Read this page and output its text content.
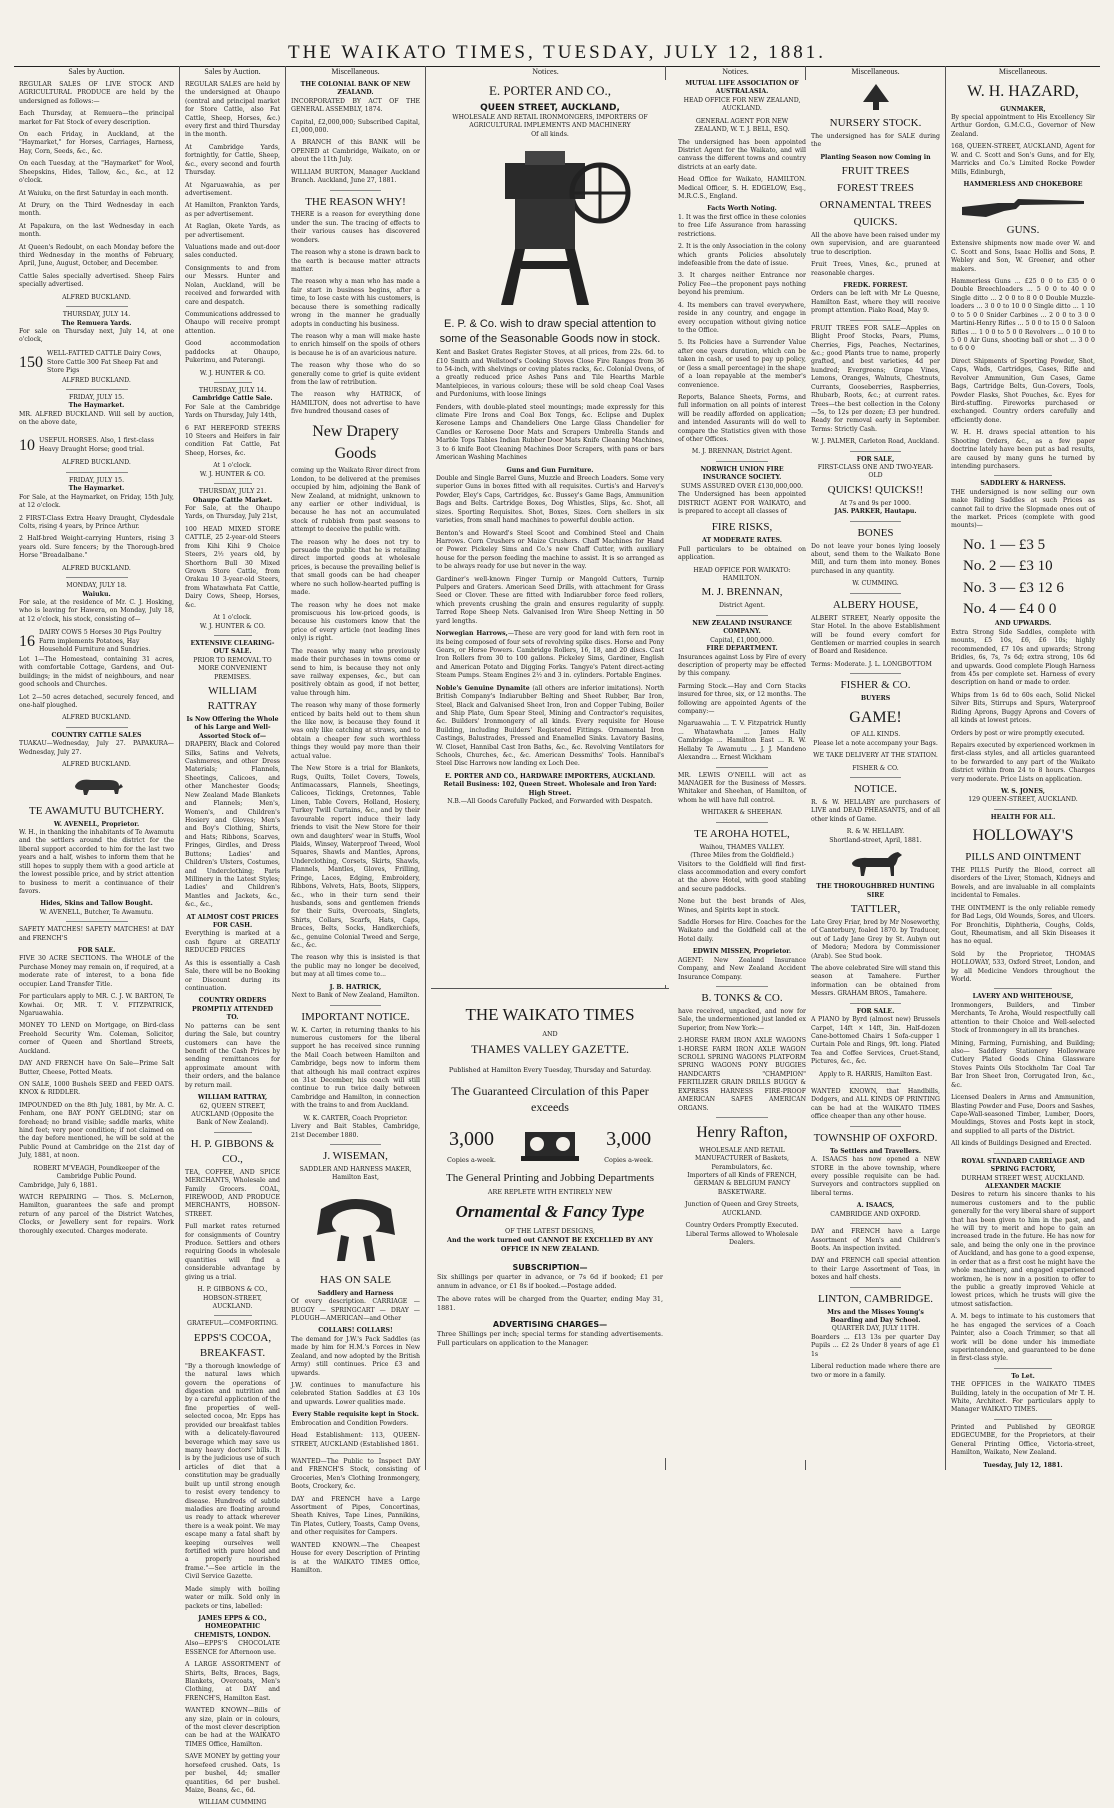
THE WAIKATO TIMES, TUESDAY, JULY 12, 1881.
Sales by Auction.

REGULAR SALES OF LIVE STOCK AND AGRICULTURAL PRODUCE are held by the undersigned as follows:—

Each Thursday, at Remuera—the principal market for Fat Stock of every description.

On each Friday, in Auckland, at the "Haymarket," for Horses, Carriages, Harness, Hay, Corn, Seeds, &c., &c.

On each Tuesday, at the "Haymarket" for Wool, Sheepskins, Hides, Tallow, &c., &c., at 12 o'clock.

At Waiuku, on the first Saturday in each month.

At Drury, on the Third Wednesday in each month.

At Papakura, on the last Wednesday in each month.

At Queen's Redoubt, on each Monday before the third Wednesday in the months of February, April, June, August, October, and December.

Cattle Sales specially advertised. Sheep Fairs specially advertised.

ALFRED BUCKLAND.
THURSDAY, JULY 14.
The Remuera Yards.

For sale on Thursday next, July 14, at one o'clock,

150
WELL-FATTED CATTLE Dairy Cows, Store Cattle 300 Fat Sheep Fat and Store Pigs
ALFRED BUCKLAND.
FRIDAY, JULY 15.
The Haymarket.

MR. ALFRED BUCKLAND. Will sell by auction, on the above date,

10 USEFUL HORSES. Also, 1 first-class Heavy Draught Horse; good trial.
ALFRED BUCKLAND.
FRIDAY, JULY 15.
The Haymarket.

For Sale, at the Haymarket, on Friday, 15th July, at 12 o'clock.

2 FIRST-Class Extra Heavy Draught, Clydesdale Colts, rising 4 years, by Prince Arthur.

2 Half-bred Weight-carrying Hunters, rising 3 years old. Sure fencers; by the Thorough-bred Horse "Breadalbane."

ALFRED BUCKLAND.
MONDAY, JULY 18.
Waiuku.

For sale, at the residence of Mr. C. J. Hosking, who is leaving for Hawera, on Monday, July 18, at 12 o'clock, his stock, consisting of—

16
DAIRY COWS 5 Horses 30 Pigs Poultry Farm implements Potatoes, Hay Household Furniture and Sundries.

Lot 1—The Homestead, containing 31 acres, with comfortable Cottage, Gardens, and Out-buildings; in the midst of neighbours, and near good schools and Churches.

Lot 2—50 acres detached, securely fenced, and one-half ploughed.

ALFRED BUCKLAND.
COUNTRY CATTLE SALES

TUAKAU—Wednesday, July 27. PAPAKURA—Wednesday, July 27.

ALFRED BUCKLAND.
TE AWAMUTU BUTCHERY.
W. AVENELL, Proprietor.

W. H., in thanking the inhabitants of Te Awamutu and the settlers around the district for the liberal support accorded to him for the last two years and a half, wishes to inform them that he still hopes to supply them with a good article at the lowest possible price, and by strict attention to business to merit a continuance of their favors.

Hides, Skins and Tallow Bought.
W. AVENELL, Butcher, Te Awamutu.

SAFETY MATCHES! SAFETY MATCHES! at DAY and FRENCH'S

FOR SALE.

FIVE 30 ACRE SECTIONS. The WHOLE of the Purchase Money may remain on, if required, at a moderate rate of interest, to a bona fide occupier. Land Transfer Title.

For particulars apply to MR. C. J. W. BARTON, Te Kowhai. Or, MR. T. V. FITZPATRICK, Ngaruawahia.

MONEY TO LEND on Mortgage, on Bird-class Freehold Security Wm. Coleman, Solicitor, corner of Queen and Shortland Streets, Auckland.

DAY AND FRENCH have On Sale—Prime Salt Butter, Cheese, Potted Meats.

ON SALE, 1000 Bushels SEED and FEED OATS. KNOX & RIDDLER.

IMPOUNDED on the 8th July, 1881, by Mr. A. C. Fenham, one BAY PONY GELDING; star on forehead; no brand visible; saddle marks, white hind feet; very poor condition; if not claimed on the day before mentioned, he will be sold at the Public Pound at Cambridge on the 21st day of July, 1881, at noon.

ROBERT M'VEAGH, Poundkeeper of the Cambridge Public Pound.

Cambridge, July 6, 1881.

WATCH REPAIRING — Thos. S. McLernon, Hamilton, guarantees the safe and prompt return of any parcel of the District Watches, Clocks, or Jewellery sent for repairs. Work thoroughly executed. Charges moderate.

Sales by Auction.

REGULAR SALES are held by the undersigned at Ohaupo (central and principal market for Store Cattle, also Fat Cattle, Sheep, Horses, &c.) every first and third Thursday in the month.

At Cambridge Yards, fortnightly, for Cattle, Sheep, &c., every second and fourth Thursday.

At Ngaruawahia, as per advertisement.

At Hamilton, Frankton Yards, as per advertisement.

At Raglan, Okete Yards, as per advertisement.

Valuations made and out-door sales conducted.

Consignments to and from our Messrs. Hunter and Nolan, Auckland, will be received and forwarded with care and despatch.

Communications addressed to Ohaupo will receive prompt attention.

Good accommodation paddocks at Ohaupo, Pukerimu, and Paterangi.

W. J. HUNTER & CO.
THURSDAY, JULY 14.
Cambridge Cattle Sale.

For Sale at the Cambridge Yards on Thursday, July 14th,

6 FAT HEREFORD STEERS 10 Steers and Heifers in fair condition Fat Cattle, Fat Sheep, Horses, &c.

At 1 o'clock.
W. J. HUNTER & CO.
THURSDAY, JULY 21.
Ohaupo Cattle Market.

For Sale, at the Ohaupo Yards, on Thursday, July 21st,

100 HEAD MIXED STORE CATTLE, 25 2-year-old Steers from Kihi Kihi 9 Choice Steers, 2½ years old, by Shorthorn Bull 30 Mixed Grown Store Cattle, from Orakau 10 3-year-old Steers, from Whatawhata Fat Cattle, Dairy Cows, Sheep, Horses, &c.

At 1 o'clock.
W. J. HUNTER & CO.
EXTENSIVE CLEARING-OUT SALE.
PRIOR TO REMOVAL TO MORE CONVENIENT PREMISES.
WILLIAM RATTRAY
Is Now Offering the Whole of his Large and Well-Assorted Stock of—

DRAPERY, Black and Colored Silks, Satins and Velvets, Cashmeres, and other Dress Materials; Flannels, Sheetings, Calicoes, and other Manchester Goods; New Zealand Made Blankets and Flannels; Men's, Women's, and Children's Hosiery and Gloves; Men's and Boy's Clothing, Shirts, and Hats; Ribbons, Scarves, Fringes, Girdles, and Dress Buttons; Ladies' and Children's Ulsters, Costumes, and Underclothing; Paris Millinery in the Latest Styles; Ladies' and Children's Mantles and Jackets, &c., &c., &c.,

AT ALMOST COST PRICES FOR CASH.

Everything is marked at a cash figure at GREATLY REDUCED PRICES

As this is essentially a Cash Sale, there will be no Booking or Discount during its continuation.

COUNTRY ORDERS PROMPTLY ATTENDED TO.

No patterns can be sent during the Sale, but country customers can have the benefit of the Cash Prices by sending remittances for approximate amount with their orders, and the balance by return mail.

WILLIAM RATTRAY,
62, QUEEN STREET, AUCKLAND (Opposite the Bank of New Zealand).
H. P. GIBBONS & CO.,

TEA, COFFEE, AND SPICE MERCHANTS, Wholesale and Family Grocers. COAL, FIREWOOD, AND PRODUCE MERCHANTS, HOBSON-STREET.

Full market rates returned for consignments of Country Produce. Settlers and others requiring Goods in wholesale quantities will find a considerable advantage by giving us a trial.

H. P. GIBBONS & CO., HOBSON-STREET, AUCKLAND.
GRATEFUL—COMFORTING.
EPPS'S COCOA, BREAKFAST.

"By a thorough knowledge of the natural laws which govern the operations of digestion and nutrition and by a careful application of the fine properties of well-selected cocoa, Mr. Epps has provided our breakfast tables with a delicately-flavoured beverage which may save us many heavy doctors' bills. It is by the judicious use of such articles of diet that a constitution may be gradually built up until strong enough to resist every tendency to disease. Hundreds of subtle maladies are floating around us ready to attack wherever there is a weak point. We may escape many a fatal shaft by keeping ourselves well fortified with pure blood and a properly nourished frame."—See article in the Civil Service Gazette.

Made simply with boiling water or milk. Sold only in packets or tins, labelled:

JAMES EPPS & CO., HOMEOPATHIC CHEMISTS, LONDON.

Also—EPPS'S CHOCOLATE ESSENCE for Afternoon use.

A LARGE ASSORTMENT of Shirts, Belts, Braces, Bags, Blankets, Overcoats, Men's Clothing, at DAY and FRENCH'S, Hamilton East.

WANTED KNOWN—Bills of any size, plain or in colours, of the most clever description can be had at the WAIKATO TIMES Office, Hamilton.

SAVE MONEY by getting your horsefeed crushed. Oats, 1s per bushel, 4d; smaller quantities, 6d per bushel. Maize, Beans, &c., 6d.

WILLIAM CUMMING
Miscellaneous.
THE COLONIAL BANK OF NEW ZEALAND.

INCORPORATED BY ACT OF THE GENERAL ASSEMBLY, 1874.

Capital, £2,000,000; Subscribed Capital, £1,000,000.

A BRANCH of this BANK will be OPENED at Cambridge, Waikato, on or about the 11th July.

WILLIAM BURTON, Manager Auckland Branch. Auckland, June 27, 1881.

THE REASON WHY!

THERE is a reason for everything done under the sun. The tracing of effects to their various causes has discovered wonders.

The reason why a stone is drawn back to the earth is because matter attracts matter.

The reason why a man who has made a fair start in business begins, after a time, to lose caste with his customers, is because there is something radically wrong in the manner he gradually adopts in conducting his business.

The reason why a man will make haste to enrich himself on the spoils of others is because he is of an avaricious nature.

The reason why those who do so generally come to grief is quite evident from the law of retribution.

The reason why HATRICK, of HAMILTON, does not advertise to have five hundred thousand cases of

New Drapery Goods

coming up the Waikato River direct from London, to be delivered at the premises occupied by him, adjoining the Bank of New Zealand, at midnight, unknown to any earlier or other individual, is because he has not an accumulated stock of rubbish from past seasons to attempt to deceive the public with.

The reason why he does not try to persuade the public that he is retailing direct imported goods at wholesale prices, is because the prevailing belief is that small goods can be had cheaper where no such hollow-hearted puffing is made.

The reason why he does not make promiscuous his low-priced goods, is because his customers know that the price of every article (not leading lines only) is right.

The reason why many who previously made their purchases in towns come or send to him, is because they not only save railway expenses, &c., but can positively obtain as good, if not better, value through him.

The reason why many of those formerly enticed by baits held out to them shun the like now, is because they found it was only like catching at straws, and to obtain a cheaper few such worthless things they would pay more than their actual value.

The New Store is a trial for Blankets, Rugs, Quilts, Toilet Covers, Towels, Antimacassars, Flannels, Sheetings, Calicoes, Tickings, Cretonnes, Table Linen, Table Covers, Holland, Hosiery, Turkey Twill Curtains, &c., and by their favourable report induce their lady friends to visit the New Store for their own and daughters' wear in Stuffs, Wool Plaids, Winsey, Waterproof Tweed, Wool Squares, Shawls and Mantles, Aprons, Underclothing, Corsets, Skirts, Shawls, Flannels, Mantles, Gloves, Frilling, Fringe, Laces, Edging, Embroidery, Ribbons, Velvets, Hats, Boots, Slippers, &c., who in their turn send their husbands, sons and gentlemen friends for their Suits, Overcoats, Singlets, Shirts, Collars, Scarfs, Hats, Caps, Braces, Belts, Socks, Handkerchiefs, &c., genuine Colonial Tweed and Serge, &c., &c.

The reason why this is insisted is that the public may no longer be deceived, but may at all times come to...

J. B. HATRICK,
Next to Bank of New Zealand, Hamilton.
IMPORTANT NOTICE.

W. K. Carter, in returning thanks to his numerous customers for the liberal support he has received since running the Mail Coach between Hamilton and Cambridge, begs now to inform them that although his mail contract expires on 31st December, his coach will still continue to run twice daily between Cambridge and Hamilton, in connection with the trains to and from Auckland.

W. K. CARTER, Coach Proprietor.

Livery and Bait Stables, Cambridge, 21st December 1880.

J. WISEMAN,
SADDLER AND HARNESS MAKER, Hamilton East,
HAS ON SALE
Saddlery and Harness

Of every description. CARRIAGE — BUGGY — SPRINGCART — DRAY — PLOUGH—AMERICAN—and Other

COLLARS! COLLARS!

The demand for J.W.'s Pack Saddles (as made by him for H.M.'s Forces in New Zealand, and now adopted by the British Army) still continues. Price £3 and upwards.

J.W. continues to manufacture his celebrated Station Saddles at £3 10s and upwards. Lower qualities made.

Every Stable requisite kept in Stock.

Embrocation and Condition Powders.

Head Establishment: 113, QUEEN-STREET, AUCKLAND (Established 1861.

WANTED—The Public to Inspect DAY and FRENCH'S Stock, consisting of Groceries, Men's Clothing Ironmongery, Boots, Crockery, &c.

DAY and FRENCH have a Large Assortment of Pipes, Concertinas, Sheath Knives, Tape Lines, Pannikins, Tin Plates, Cutlery, Toasts, Camp Ovens, and other requisites for Campers.

WANTED KNOWN.—The Cheapest House for every Description of Printing is at the WAIKATO TIMES Office, Hamilton.

Notices.	Notices.	Miscellaneous.
NURSERY STOCK.

The undersigned has for SALE during the

Planting Season now Coming in
FRUIT TREES
FOREST TREES
ORNAMENTAL TREES
QUICKS.

All the above have been raised under my own supervision, and are guaranteed true to description.

Fruit Trees, Vines, &c., pruned at reasonable charges.

FREDK. FORREST.

Orders can be left with Mr Le Quesne, Hamilton East, where they will receive prompt attention. Piako Road, May 9.

FRUIT TREES FOR SALE—Apples on Blight Proof Stocks, Pears, Plums, Cherries, Figs, Peaches, Nectarines, &c.; good Plants true to name, properly grafted, and best varieties, 4d per hundred; Evergreens; Grape Vines, Lemons, Oranges, Walnuts, Chestnuts, Currants, Gooseberries, Raspberries, Rhubarb, Roots, &c.; at current rates. Trees—the best collection in the Colony—5s, to 12s per dozen; £3 per hundred. Ready for removal early in September. Terms: Strictly Cash.

W. J. PALMER, Carleton Road, Auckland.
FOR SALE,
FIRST-CLASS ONE AND TWO-YEAR-OLD
QUICKS! QUICKS!!
At 7s and 9s per 1000.
JAS. PARKER, Hautapu.
BONES

Do not leave your bones lying loosely about, send them to the Waikato Bone Mill, and turn them into money. Bones purchased in any quantity.

W. CUMMING.
ALBERY HOUSE,

ALBERT STREET, Nearly opposite the Star Hotel. In the above Establishment will be found every comfort for Gentlemen or married couples in search of Board and Residence.

Terms: Moderate. J. L. LONGBOTTOM

FISHER & CO.
BUYERS
GAME!
OF ALL KINDS.

Please let a note accompany your Bags.

WE TAKE DELIVERY AT THE STATION.

FISHER & CO.
NOTICE.

R. & W. HELLABY are purchasers of LIVE and DEAD PHEASANTS, and of all other kinds of Game.

R. & W. HELLABY.
Shortland-street, April, 1881.
THE THOROUGHBRED HUNTING SIRE
TATTLER,

Late Grey Friar, bred by Mr Noseworthy, of Canterbury, foaled 1870. by Traducer, out of Lady Jane Grey by St. Aubyn out of Medora; Medora by Commissioner (Arab). See Stud book.

The above celebrated Sire will stand this season at Tamahere. Further information can be obtained from Messrs. GRAHAM BROS., Tamahere.

FOR SALE.

A PIANO by Byrd (almost new) Brussels Carpet, 14ft × 14ft, 3in. Half-dozen Cane-bottomed Chairs 1 Sofa-cupper 1 Curtain Pole and Rings, 9ft. long. Plated Tea and Coffee Services, Cruet-Stand, Pictures, &c., &c.

Apply to R. HARRIS, Hamilton East.

WANTED KNOWN, that Handbills, Dodgers, and ALL KINDS OF PRINTING can be had at the WAIKATO TIMES office cheaper than any other house.

TOWNSHIP OF OXFORD.
To Settlers and Travellers.

A. ISAACS has now opened a NEW STORE in the above township, where every possible requisite can be had. Surveyors and contractors supplied on liberal terms.

A. ISAACS,
CAMBRIDGE AND OXFORD.

DAY and FRENCH have a Large Assortment of Men's and Children's Boots. An inspection invited.

DAY and FRENCH call special attention to their Large Assortment of Teas, in boxes and half chests.

LINTON, CAMBRIDGE.
Mrs and the Misses Young's Boarding and Day School.
QUARTER DAY, JULY 11TH.

Boarders ... £13 13s per quarter Day Pupils ... £2 2s Under 8 years of age £1 1s

Liberal reduction made where there are two or more in a family.

Miscellaneous.
W. H. HAZARD,
GUNMAKER,

By special appointment to His Excellency Sir Arthur Gordon, G.M.C.G., Governor of New Zealand.

168, QUEEN-STREET, AUCKLAND, Agent for W. and C. Scott and Son's Guns, and for Ely, Marricks and Co.'s Limited Rocke Powder Mills, Edinburgh,

HAMMERLESS AND CHOKEBORE
GUNS.

Extensive shipments now made over W. and C. Scott and Sons, Isaac Hollis and Sons, P. Webley and Son, W. Greener, and other makers.

Hammerless Guns ... £25 0 0 to £35 0 0 Double Breechloaders ... 5 0 0 to 40 0 0 Single ditto ... 2 0 0 to 8 0 0 Double Muzzle-loaders ... 3 0 0 to 10 0 0 Single ditto ... 1 10 0 to 5 0 0 Snider Carbines ... 2 0 0 to 3 0 0 Martini-Henry Rifles ... 5 0 0 to 15 0 0 Saloon Rifles ... 1 0 0 to 5 0 0 Revolvers ... 0 10 0 to 5 0 0 Air Guns, shooting ball or shot ... 3 0 0 to 6 0 0

Direct Shipments of Sporting Powder, Shot, Caps, Wads, Cartridges, Cases, Rifle and Revolver Ammunition, Gun Cases, Game Bags, Cartridge Belts, Gun-Covers, Tools, Powder Flasks, Shot Pouches, &c. Eyes for Bird-stuffing. Fireworks purchased or exchanged. Country orders carefully and efficiently done.

W. H. H. draws special attention to his Shooting Orders, &c., as a few paper doctrine lately have been put as bad results, are caused by many guns he turned by intending purchasers.

SADDLERY & HARNESS.

THE undersigned is now selling our own make Riding Saddles at such Prices as cannot fail to drive the Slopmade ones out of the market. Prices (complete with good mounts)—

No. 1 — £3 5
No. 2 — £3 10
No. 3 — £3 12 6
No. 4 — £4 0 0
AND UPWARDS.

Extra Strong Side Saddles, complete with mounts, £5 10s, £6, £6 10s; highly recommended, £7 10s and upwards; Strong Bridles, 6s, 7s, 7s 6d; extra strong, 10s 6d and upwards. Good complete Plough Harness from 45s per complete set. Harness of every description on hand or made to order.

Whips from 1s 6d to 60s each, Solid Nickel Silver Bits, Stirrups and Spurs, Waterproof Riding Aprons, Buggy Aprons and Covers of all kinds at lowest prices.

Orders by post or wire promptly executed.

Repairs executed by experienced workmen in first-class styles, and all articles guaranteed to be forwarded to any part of the Waikato district within from 24 to 8 hours. Charges very moderate. Price Lists on application.

W. S. JONES,
129 QUEEN-STREET, AUCKLAND.
HEALTH FOR ALL.
HOLLOWAY'S
PILLS AND OINTMENT

THE PILLS Purify the Blood, correct all disorders of the Liver, Stomach, Kidneys and Bowels, and are invaluable in all complaints incidental to Females.

THE OINTMENT is the only reliable remedy for Bad Legs, Old Wounds, Sores, and Ulcers. For Bronchitis, Diphtheria, Coughs, Colds, Gout, Rheumatism, and all Skin Diseases it has no equal.

Sold by the Proprietor, THOMAS HOLLOWAY, 533, Oxford Street, London, and by all Medicine Vendors throughout the World.

LAVERY AND WHITEHOUSE,

Ironmongers, Builders, and Timber Merchants, Te Aroha, Would respectfully call attention to their Choice and Well-selected Stock of Ironmongery in all its branches.

Mining, Farming, Furnishing, and Building; also— Saddlery Stationery Hollowware Cutlery Plated Goods China Glassware Stoves Paints Oils Stockholm Tar Coal Tar Bar Iron Sheet Iron, Corrugated Iron, &c., &c.

Licensed Dealers in Arms and Ammunition, Blasting Powder and Fuse, Doors and Sashes, Cape-Wall-seasoned Timber, Lumber, Doors, Mouldings, Stoves and Posts kept in stock, and supplied to all parts of the District.

All kinds of Buildings Designed and Erected.

ROYAL STANDARD CARRIAGE AND SPRING FACTORY,
DURHAM STREET WEST, AUCKLAND.
ALEXANDER MACKIE

Desires to return his sincere thanks to his numerous customers and to the public generally for the very liberal share of support that has been given to him in the past, and he will try to merit and hope to gain an increased trade in the future. He has now for sale, and being the only one in the province of Auckland, and has gone to a good expense, in order that as a first cost he might have the whole machinery, and engaged experienced workmen, he is now in a position to offer to the public a greatly improved Vehicle at lowest prices, which he trusts will give the utmost satisfaction.

A. M. begs to intimate to his customers that he has engaged the services of a Coach Painter, also a Coach Trimmer, so that all work will be done under his immediate superintendence, and guaranteed to be done in first-class style.

To Let.

THE OFFICES in the WAIKATO TIMES Building, lately in the occupation of Mr T. H. White, Architect. For particulars apply to Manager WAIKATO TIMES.

Printed and Published by GEORGE EDGECUMBE, for the Proprietors, at their General Printing Office, Victoria-street, Hamilton, Waikato, New Zealand.

Tuesday, July 12, 1881.
E. PORTER AND CO.,
QUEEN STREET, AUCKLAND,
WHOLESALE AND RETAIL IRONMONGERS, IMPORTERS OF AGRICULTURAL IMPLEMENTS AND MACHINERY
Of all kinds.
E. P. & Co. wish to draw special attention to some of the Seasonable Goods now in stock.

Kent and Basket Grates Register Stoves, at all prices, from 22s. 6d. to £10 Smith and Wellstood's Cooking Stoves Close Fire Ranges from 36 to 54-inch, with shelvings or coving plates racks, &c. Colonial Ovens, of a greatly reduced price Ashes Pans and Tile Hearths Marble Mantelpieces, in various colours; these will be sold cheap Coal Vases and Purdoniums, with loose linings

Fenders, with double-plated steel mountings; made expressly for this climate Fire Irons and Coal Box Tongs, &c. Eclipse and Duplex Kerosene Lamps and Chandeliers One Large Glass Chandelier for Candles or Kerosene Door Mats and Scrapers Umbrella Stands and Marble Tops Tables Indian Rubber Door Mats Knife Cleaning Machines, 3 to 6 knife Boot Cleaning Machines Door Scrapers, with pans or bars American Washing Machines

Guns and Gun Furniture.

Double and Single Barrel Guns, Muzzle and Breech Loaders. Some very superior Guns in boxes fitted with all requisites. Curtis's and Harvey's Powder, Eley's Caps, Cartridges, &c. Bussey's Game Bags, Ammunition Bags and Belts. Cartridge Boxes, Dog Whistles, Slips, &c. Shot, all sizes. Sporting Requisites. Shot, Boxes, Sizes. Corn shellers in six varieties, from small hand machines to powerful double action.

Benton's and Howard's Steel Scoot and Combined Steel and Chain Harrows. Corn Crushers or Maize Crushers. Chaff Machines for Hand or Power. Pickeley Sims and Co.'s new Chaff Cutter, with auxiliary house for the person feeding the machine to assist. It is so arranged as to be always ready for use but never in the way.

Gardiner's well-known Finger Turnip or Mangold Cutters, Turnip Pulpers and Graters. American Seed Drills, with attachment for Grass Seed or Clover. These are fitted with Indiarubber force feed rollers, which prevents crushing the grain and ensures regularity of supply. Tarred Rope Sheep Nets. Galvanised Iron Wire Sheep Netting in 50 yard lengths.

Norwegian Harrows,—These are very good for land with fern root in its being composed of four sets of revolving spike discs. Horse and Pony Gears, or Horse Powers. Cambridge Rollers, 16, 18, and 20 discs. Cast Iron Rollers from 30 to 100 gallons. Pickeley Sims, Gardiner, English and American Potato and Digging Forks. Tangye's Patent direct-acting Steam Pumps. Steam Engines 2½ and 3 in. cylinders. Portable Engines.

Noble's Genuine Dynamite (all others are inferior imitations). North British Company's Indiarubber Belting and Sheet Rubber, Bar Iron, Steel, Black and Galvanised Sheet Iron, Iron and Copper Tubing, Boiler and Ship Plate, Gum Spear Steel, Mining and Contractor's requisites, &c. Builders' Ironmongery of all kinds. Every requisite for House Building, including Builders' Registered Fittings. Ornamental Iron Castings, Balustrades, Pressed and Enamelled Sinks. Lavatory Basins, W. Closet, Hannibal Cast Iron Baths, &c., &c. Revolving Ventilators for Schools, Churches, &c., &c. American Dessmiths' Tools. Hannibal's Steel Disc Harrows now landing ex Loch Dee.

E. PORTER AND CO., HARDWARE IMPORTERS, AUCKLAND.
Retail Business: 102, Queen Street. Wholesale and Iron Yard: High Street.
N.B.—All Goods Carefully Packed, and Forwarded with Despatch.
THE WAIKATO TIMES
AND
THAMES VALLEY GAZETTE.
Published at Hamilton Every Tuesday, Thursday and Saturday.
The Guaranteed Circulation of this Paper exceeds
3,000
Copies a-week.
3,000
Copies a-week.
The General Printing and Jobbing Departments
ARE REPLETE WITH ENTIRELY NEW
Ornamental & Fancy Type
OF THE LATEST DESIGNS,
And the work turned out CANNOT BE EXCELLED BY ANY OFFICE IN NEW ZEALAND.
SUBSCRIPTION—

Six shillings per quarter in advance, or 7s 6d if booked; £1 per annum in advance, or £1 8s if booked.—Postage added.

The above rates will be charged from the Quarter, ending May 31, 1881.

ADVERTISING CHARGES—

Three Shillings per inch; special terms for standing advertisements. Full particulars on application to the Manager.

MUTUAL LIFE ASSOCIATION OF AUSTRALASIA.

HEAD OFFICE FOR NEW ZEALAND, AUCKLAND.

GENERAL AGENT FOR NEW ZEALAND, W. T. J. BELL, ESQ.

The undersigned has been appointed District Agent for the Waikato, and will canvass the different towns and country districts at an early date.

Head Office for Waikato, HAMILTON. Medical Officer, S. H. EDGELOW, Esq., M.R.C.S., England.

Facts Worth Noting.

1. It was the first office in these colonies to free Life Assurance from harassing restrictions.

2. It is the only Association in the colony which grants Policies absolutely indefeasible from the date of issue.

3. It charges neither Entrance nor Policy Fee—the proponent pays nothing beyond his premium.

4. Its members can travel everywhere, reside in any country, and engage in every occupation without giving notice to the Office.

5. Its Policies have a Surrender Value after one years duration, which can be taken in cash, or used to pay up policy, or (less a small percentage) in the shape of a loan repayable at the member's convenience.

Reports, Balance Sheets, Forms, and full information on all points of interest will be readily afforded on application; and intended Assurants will do well to compare the Statistics given with those of other Offices.

M. J. BRENNAN, District Agent.
NORWICH UNION FIRE INSURANCE SOCIETY.
SUMS ASSURED OVER £130,000,000.

The Undersigned has been appointed DISTRICT AGENT FOR WAIKATO, and is prepared to accept all classes of

FIRE RISKS,
AT MODERATE RATES.

Full particulars to be obtained on application.

HEAD OFFICE FOR WAIKATO: HAMILTON.
M. J. BRENNAN,
District Agent.
NEW ZEALAND INSURANCE COMPANY.
Capital, £1,000,000.
FIRE DEPARTMENT.

Insurances against Loss by Fire of every description of property may be effected by this company.

Farming Stock.—Hay and Corn Stacks insured for three, six, or 12 months. The following are appointed Agents of the company:—

Ngaruawahia ... T. V. Fitzpatrick Huntly ... Whatawhata ... James Hally Cambridge ... Hamilton East ... R. W. Hellaby Te Awamutu ... J. J. Mandeno Alexandra ... Ernest Wickham

MR. LEWIS O'NEILL will act as MANAGER for the Business of Messrs. Whitaker and Sheehan, of Hamilton, of whom he will have full control.

WHITAKER & SHEEHAN.
TE AROHA HOTEL,
Waihou, THAMES VALLEY.
(Three Miles from the Goldfield.)

Visitors to the Goldfield will find first-class accommodation and every comfort at the above Hotel, with good stabling and secure paddocks.

None but the best brands of Ales, Wines, and Spirits kept in stock.

Saddle Horses for Hire. Coaches for the Waikato and the Goldfield call at the Hotel daily.

EDWIN MISSEN, Proprietor.

AGENT: New Zealand Insurance Company, and New Zealand Accident Insurance Company.

B. TONKS & CO.

have received, unpacked, and now for Sale, the undermentioned just landed ex Superior, from New York:—

2-HORSE FARM IRON AXLE WAGONS 1-HORSE FARM IRON AXLE WAGON SCROLL SPRING WAGONS PLATFORM SPRING WAGONS PONY BUGGIES HANDCARTS "CHAMPION" FERTILIZER GRAIN DRILLS BUGGY & EXPRESS HARNESS FIRE-PROOF AMERICAN SAFES AMERICAN ORGANS.

Henry Rafton,
WHOLESALE AND RETAIL MANUFACTURER of Baskets, Perambulators, &c.

Importers of all Kinds of FRENCH, GERMAN & BELGIUM FANCY BASKETWARE.

Junction of Queen and Grey Streets, AUCKLAND.

Country Orders Promptly Executed. Liberal Terms allowed to Wholesale Dealers.
